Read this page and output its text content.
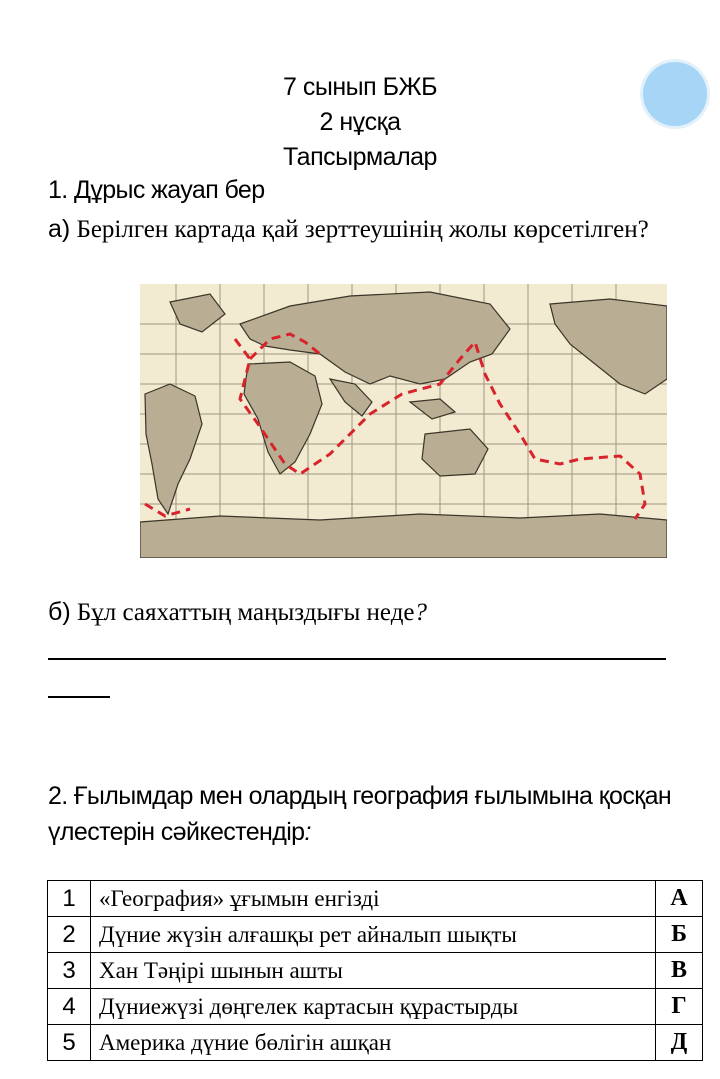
7 сынып БЖБ
2 нұсқа
Тапсырмалар
1. Дұрыс жауап бер
а) Берілген картада қай зерттеушінің жолы көрсетілген?
б) Бұл саяхаттың маңыздығы неде?
2. Ғылымдар мен олардың география ғылымына қосқан үлестерін сәйкестендір:
1	«География» ұғымын енгізді	А
2	Дүние жүзін алғашқы рет айналып шықты	Б
3	Хан Тәңірі шынын ашты	В
4	Дүниежүзі дөңгелек картасын құрастырды	Г
5	Америка дүние бөлігін ашқан	Д
